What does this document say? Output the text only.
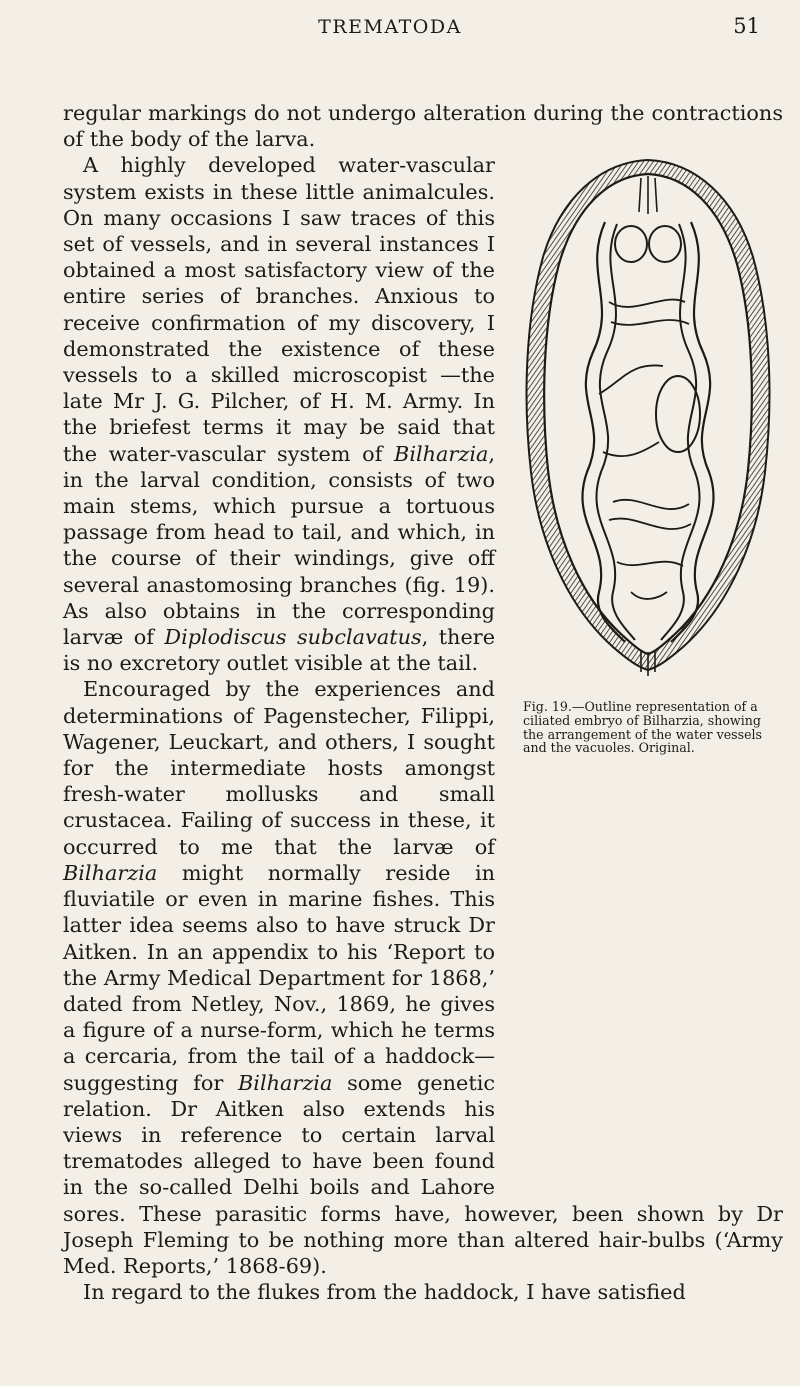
TREMATODA	51

regular markings do not undergo alteration during the contractions of the body of the larva.

Fig. 19.—Outline representation of a ciliated embryo of Bilharzia, showing the arrangement of the water vessels and the vacuoles. Original.

A highly developed water-vascular system exists in these little animalcules. On many occasions I saw traces of this set of vessels, and in several instances I obtained a most satisfactory view of the entire series of branches. Anxious to receive confirmation of my discovery, I demonstrated the existence of these vessels to a skilled microscopist —the late Mr J. G. Pilcher, of H. M. Army. In the briefest terms it may be said that the water-vascular system of Bilharzia, in the larval condition, consists of two main stems, which pursue a tortuous passage from head to tail, and which, in the course of their windings, give off several anastomosing branches (fig. 19). As also obtains in the corresponding larvæ of Diplodiscus subclavatus, there is no excretory outlet visible at the tail.

Encouraged by the experiences and determinations of Pagenstecher, Filippi, Wagener, Leuckart, and others, I sought for the intermediate hosts amongst fresh-water mollusks and small crustacea. Failing of success in these, it occurred to me that the larvæ of Bilharzia might normally reside in fluviatile or even in marine fishes. This latter idea seems also to have struck Dr Aitken. In an appendix to his ‘Report to the Army Medical Department for 1868,’ dated from Netley, Nov., 1869, he gives a figure of a nurse-form, which he terms a cercaria, from the tail of a haddock—suggesting for Bilharzia some genetic relation. Dr Aitken also extends his views in reference to certain larval trematodes alleged to have been found in the so-called Delhi boils and Lahore sores. These parasitic forms have, however, been shown by Dr Joseph Fleming to be nothing more than altered hair-bulbs (‘Army Med. Reports,’ 1868-69).

In regard to the flukes from the haddock, I have satisfied
